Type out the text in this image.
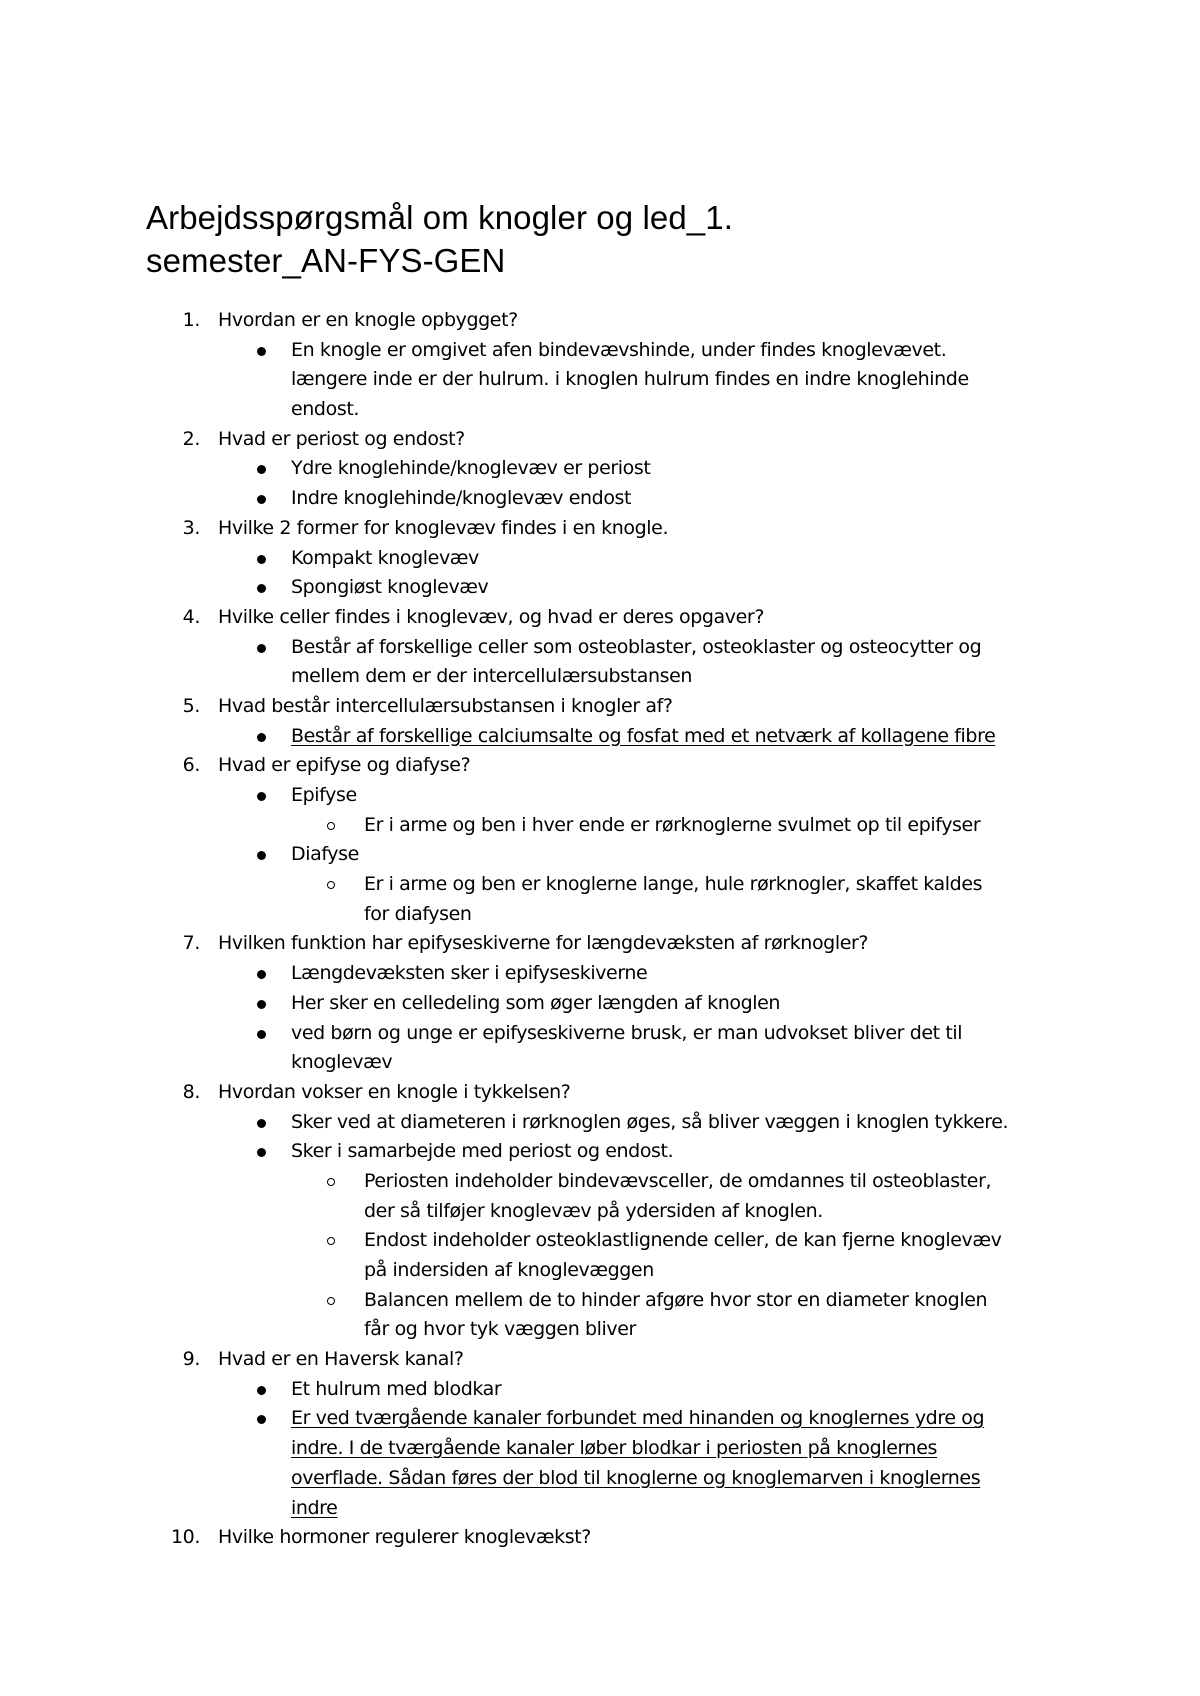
Arbejdsspørgsmål om knogler og led_1.
semester_AN-FYS-GEN
1. Hvordan er en knogle opbygget?
En knogle er omgivet afen bindevævshinde, under findes knoglevævet.
længere inde er der hulrum. i knoglen hulrum findes en indre knoglehinde
endost.
2. Hvad er periost og endost?
Ydre knoglehinde/knoglevæv er periost
Indre knoglehinde/knoglevæv endost
3. Hvilke 2 former for knoglevæv findes i en knogle.
Kompakt knoglevæv
Spongiøst knoglevæv
4. Hvilke celler findes i knoglevæv, og hvad er deres opgaver?
Består af forskellige celler som osteoblaster, osteoklaster og osteocytter og
mellem dem er der intercellulærsubstansen
5. Hvad består intercellulærsubstansen i knogler af?
Består af forskellige calciumsalte og fosfat med et netværk af kollagene fibre
6. Hvad er epifyse og diafyse?
Epifyse
Er i arme og ben i hver ende er rørknoglerne svulmet op til epifyser
Diafyse
Er i arme og ben er knoglerne lange, hule rørknogler, skaffet kaldes
for diafysen
7. Hvilken funktion har epifyseskiverne for længdevæksten af rørknogler?
Længdevæksten sker i epifyseskiverne
Her sker en celledeling som øger længden af knoglen
ved børn og unge er epifyseskiverne brusk, er man udvokset bliver det til
knoglevæv
8. Hvordan vokser en knogle i tykkelsen?
Sker ved at diameteren i rørknoglen øges, så bliver væggen i knoglen tykkere.
Sker i samarbejde med periost og endost.
Periosten indeholder bindevævsceller, de omdannes til osteoblaster,
der så tilføjer knoglevæv på ydersiden af knoglen.
Endost indeholder osteoklastlignende celler, de kan fjerne knoglevæv
på indersiden af knoglevæggen
Balancen mellem de to hinder afgøre hvor stor en diameter knoglen
får og hvor tyk væggen bliver
9. Hvad er en Haversk kanal?
Et hulrum med blodkar
Er ved tværgående kanaler forbundet med hinanden og knoglernes ydre og
indre. I de tværgående kanaler løber blodkar i periosten på knoglernes
overflade. Sådan føres der blod til knoglerne og knoglemarven i knoglernes
indre
10. Hvilke hormoner regulerer knoglevækst?
